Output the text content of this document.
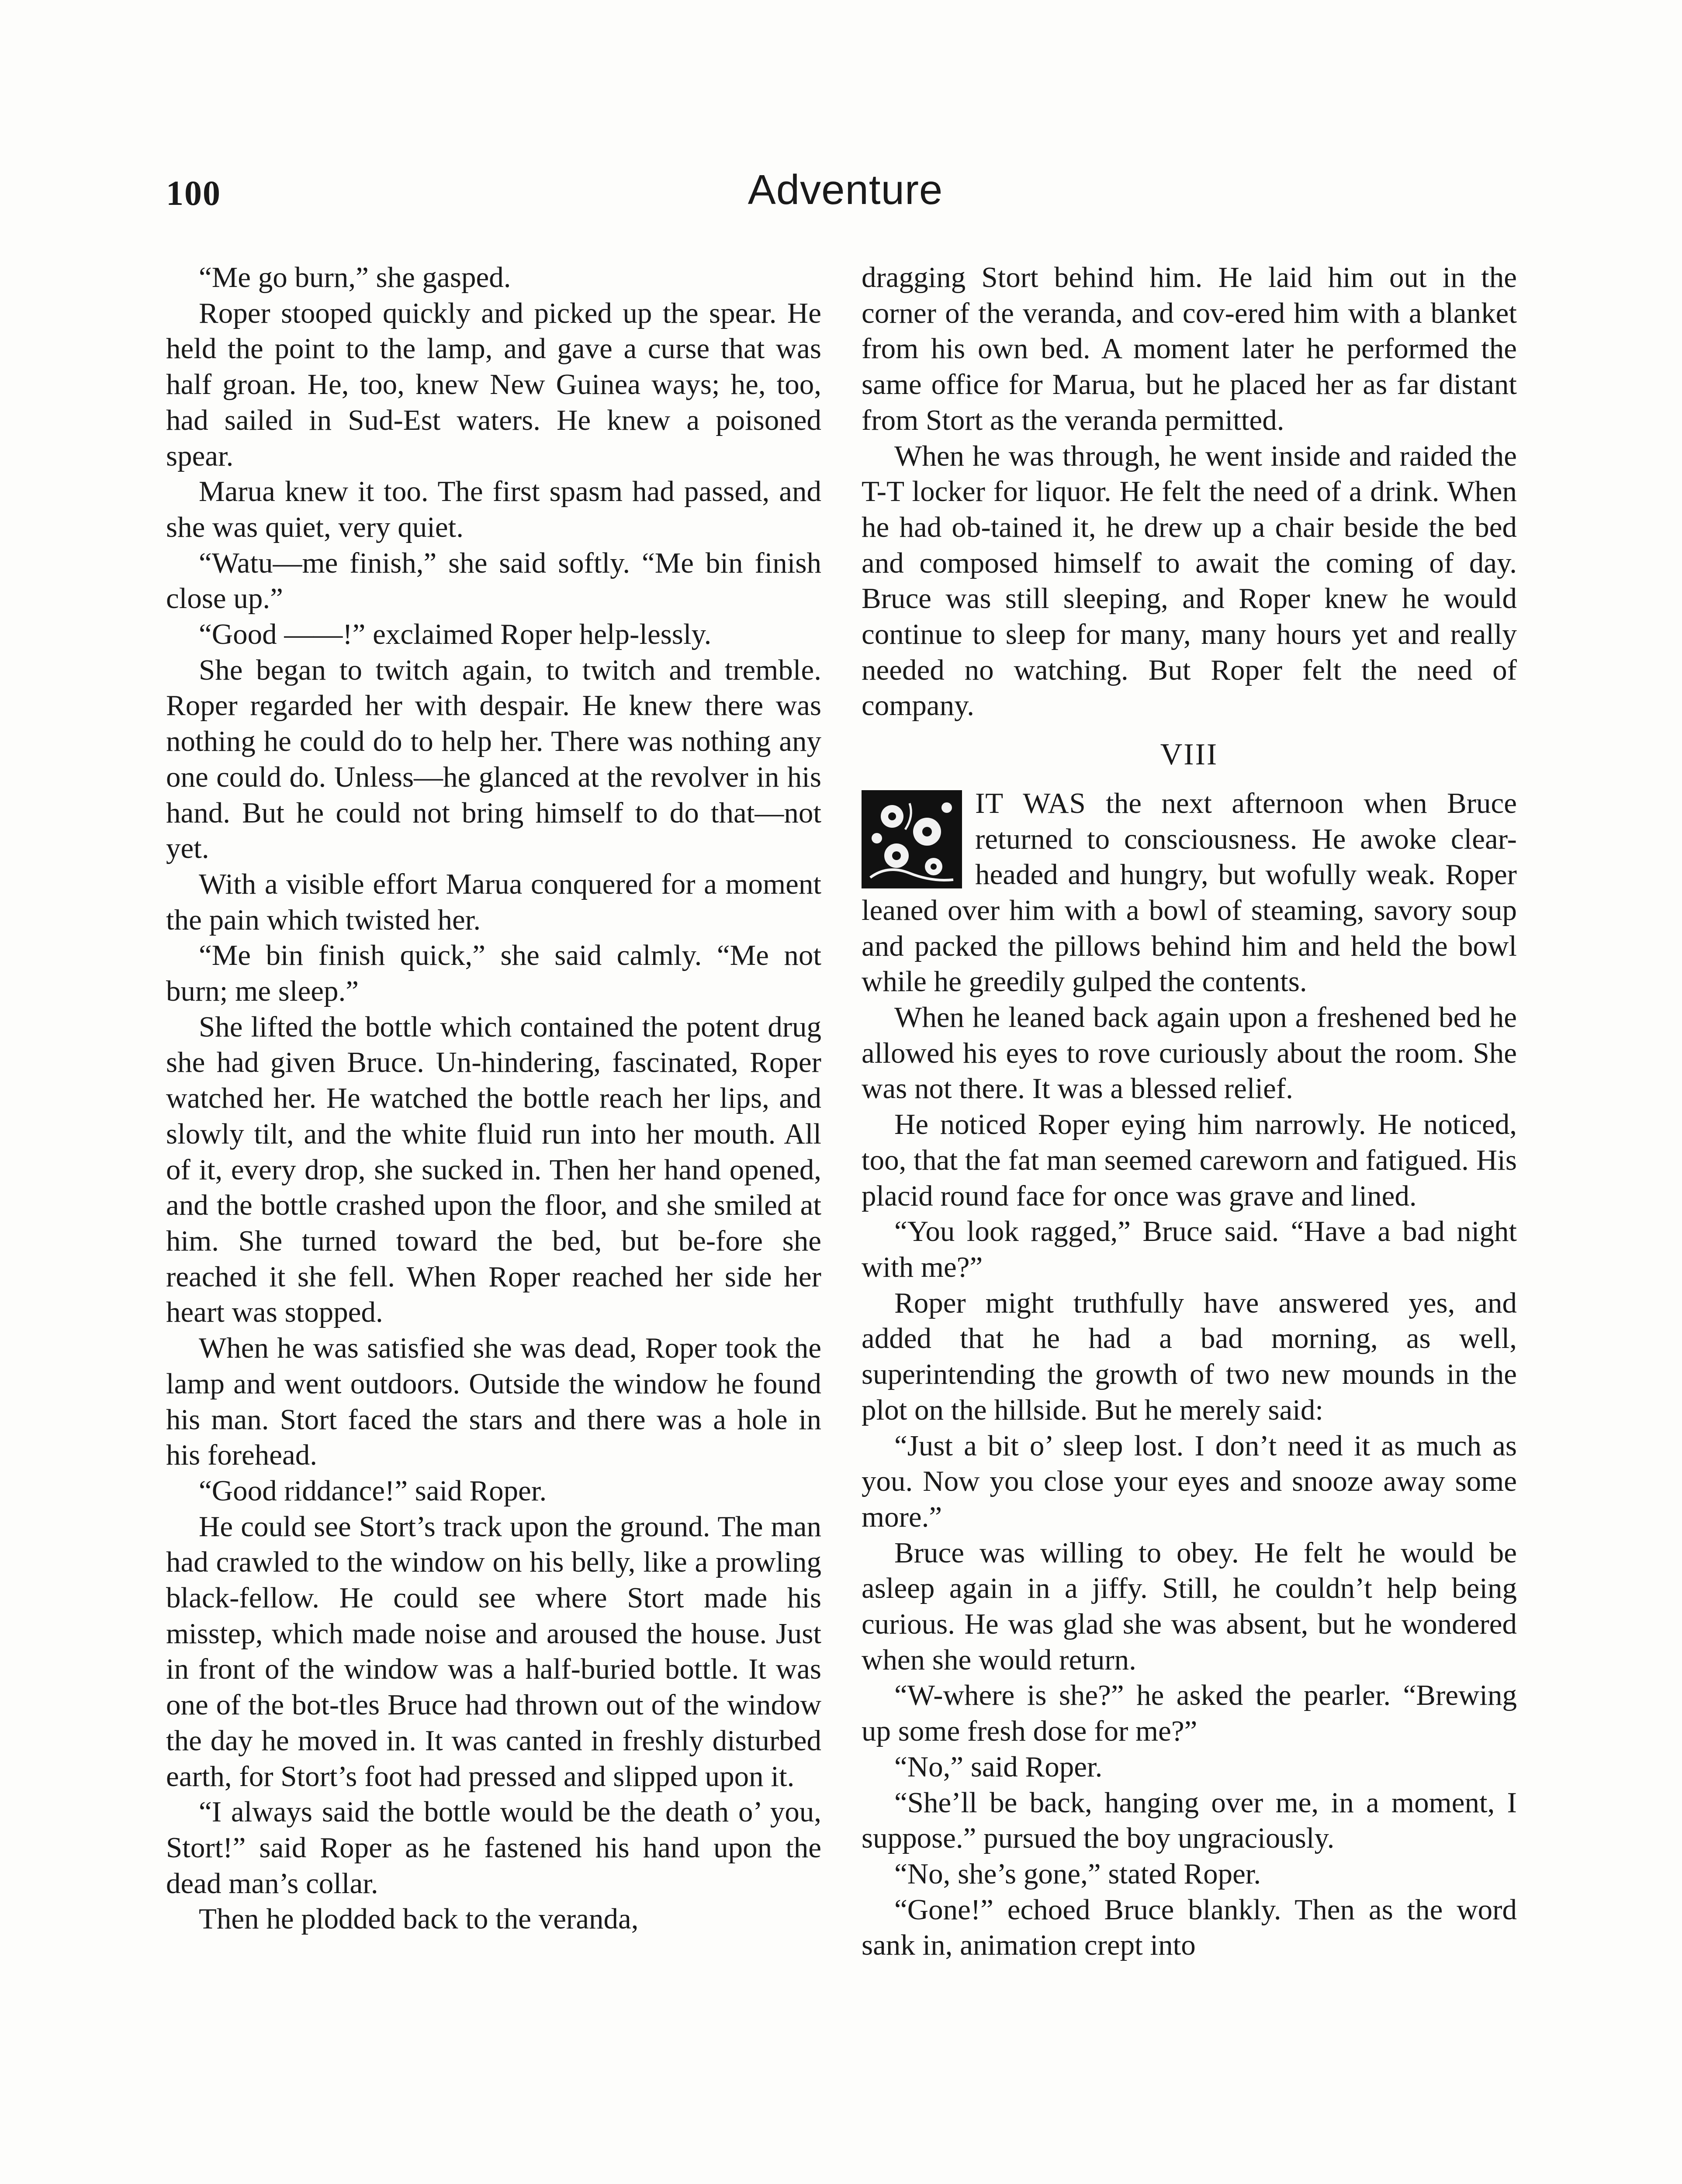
100	Adventure

“Me go burn,” she gasped.

Roper stooped quickly and picked up the spear. He held the point to the lamp, and gave a curse that was half groan. He, too, knew New Guinea ways; he, too, had sailed in Sud-Est waters. He knew a poisoned spear.

Marua knew it too. The first spasm had passed, and she was quiet, very quiet.

“Watu—me finish,” she said softly. “Me bin finish close up.”

“Good ——!” exclaimed Roper help-lessly.

She began to twitch again, to twitch and tremble. Roper regarded her with despair. He knew there was nothing he could do to help her. There was nothing any one could do. Unless—he glanced at the revolver in his hand. But he could not bring himself to do that—not yet.

With a visible effort Marua conquered for a moment the pain which twisted her.

“Me bin finish quick,” she said calmly. “Me not burn; me sleep.”

She lifted the bottle which contained the potent drug she had given Bruce. Un-hindering, fascinated, Roper watched her. He watched the bottle reach her lips, and slowly tilt, and the white fluid run into her mouth. All of it, every drop, she sucked in. Then her hand opened, and the bottle crashed upon the floor, and she smiled at him. She turned toward the bed, but be-fore she reached it she fell. When Roper reached her side her heart was stopped.

When he was satisfied she was dead, Roper took the lamp and went outdoors. Outside the window he found his man. Stort faced the stars and there was a hole in his forehead.

“Good riddance!” said Roper.

He could see Stort’s track upon the ground. The man had crawled to the window on his belly, like a prowling black-fellow. He could see where Stort made his misstep, which made noise and aroused the house. Just in front of the window was a half-buried bottle. It was one of the bot-tles Bruce had thrown out of the window the day he moved in. It was canted in freshly disturbed earth, for Stort’s foot had pressed and slipped upon it.

“I always said the bottle would be the death o’ you, Stort!” said Roper as he fastened his hand upon the dead man’s collar.

Then he plodded back to the veranda,

dragging Stort behind him. He laid him out in the corner of the veranda, and cov-ered him with a blanket from his own bed. A moment later he performed the same office for Marua, but he placed her as far distant from Stort as the veranda permitted.

When he was through, he went inside and raided the T-T locker for liquor. He felt the need of a drink. When he had ob-tained it, he drew up a chair beside the bed and composed himself to await the coming of day. Bruce was still sleeping, and Roper knew he would continue to sleep for many, many hours yet and really needed no watching. But Roper felt the need of company.

VIII

IT WAS the next afternoon when Bruce returned to consciousness. He awoke clear-headed and hungry, but wofully weak. Roper leaned over him with a bowl of steaming, savory soup and packed the pillows behind him and held the bowl while he greedily gulped the contents.

When he leaned back again upon a freshened bed he allowed his eyes to rove curiously about the room. She was not there. It was a blessed relief.

He noticed Roper eying him narrowly. He noticed, too, that the fat man seemed careworn and fatigued. His placid round face for once was grave and lined.

“You look ragged,” Bruce said. “Have a bad night with me?”

Roper might truthfully have answered yes, and added that he had a bad morning, as well, superintending the growth of two new mounds in the plot on the hillside. But he merely said:

“Just a bit o’ sleep lost. I don’t need it as much as you. Now you close your eyes and snooze away some more.”

Bruce was willing to obey. He felt he would be asleep again in a jiffy. Still, he couldn’t help being curious. He was glad she was absent, but he wondered when she would return.

“W-where is she?” he asked the pearler. “Brewing up some fresh dose for me?”

“No,” said Roper.

“She’ll be back, hanging over me, in a moment, I suppose.” pursued the boy ungraciously.

“No, she’s gone,” stated Roper.

“Gone!” echoed Bruce blankly. Then as the word sank in, animation crept into
